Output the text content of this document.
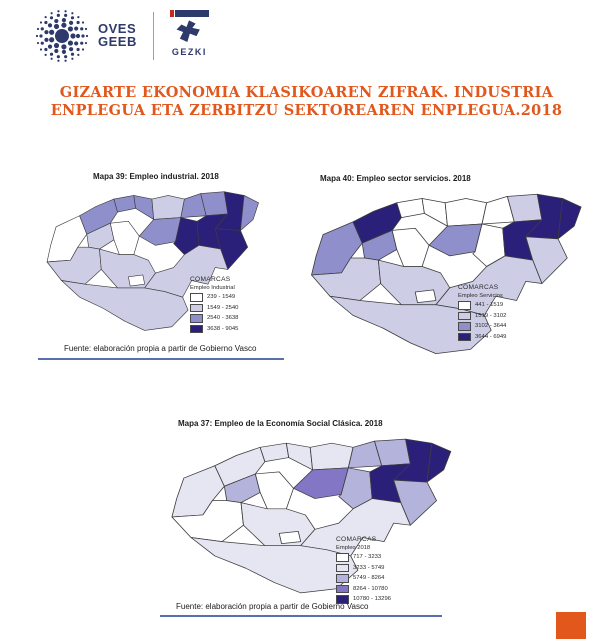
OVES
GEEB
GEZKI
GIZARTE EKONOMIA KLASIKOAREN ZIFRAK. INDUSTRIA
ENPLEGUA ETA ZERBITZU SEKTOREAREN ENPLEGUA.2018
Mapa 39: Empleo industrial. 2018
COMARCAS
Empleo Industrial
239 - 1549
1549 - 2540
2540 - 3638
3638 - 9045
Fuente: elaboración propia a partir de Gobierno Vasco
Mapa 40: Empleo sector servicios. 2018
COMARCAS
Empleo Servicios
441 - 1519
1519 - 3102
3102 - 3644
3644 - 6949
Mapa 37: Empleo de la Economía Social Clásica. 2018
COMARCAS
Empleo 2018
717 - 3233
3233 - 5749
5749 - 8264
8264 - 10780
10780 - 13296
Fuente: elaboración propia a partir de Gobierno Vasco
